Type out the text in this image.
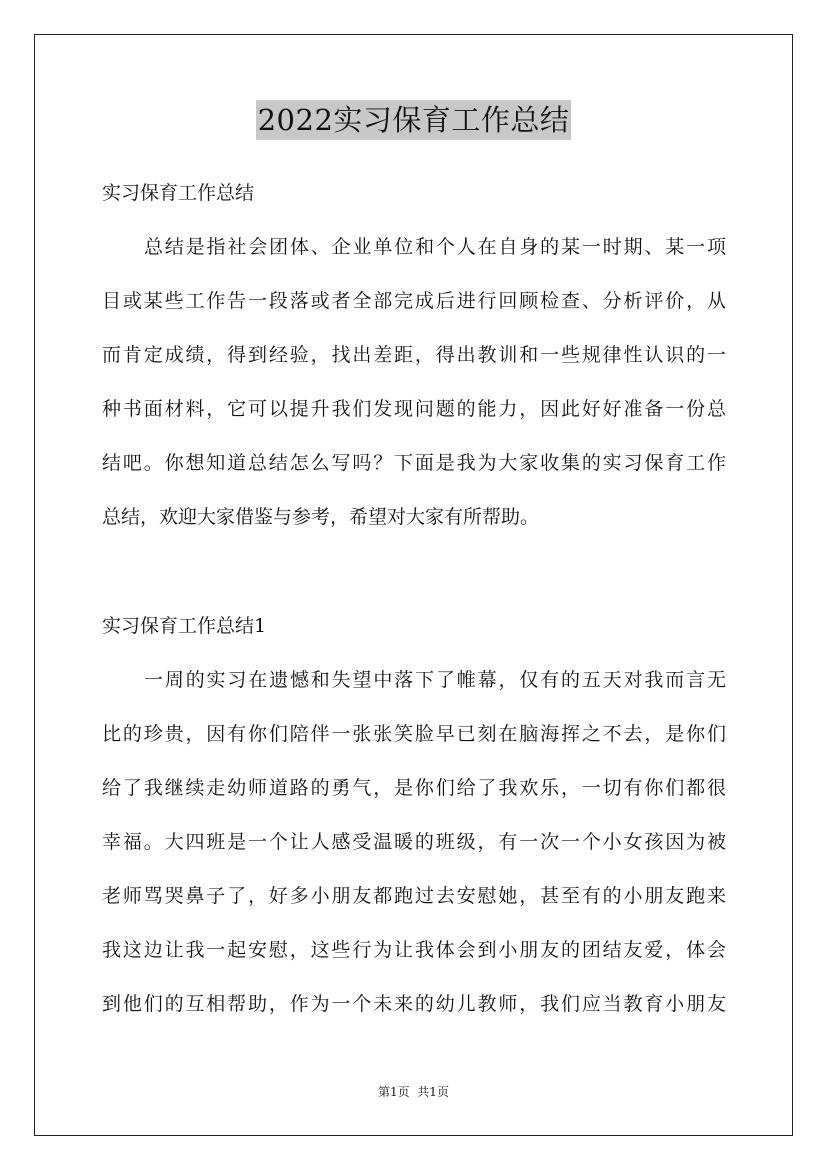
2022实习保育工作总结
实习保育工作总结
总结是指社会团体、企业单位和个人在自身的某一时期、某一项
目或某些工作告一段落或者全部完成后进行回顾检查、分析评价，从
而肯定成绩，得到经验，找出差距，得出教训和一些规律性认识的一
种书面材料，它可以提升我们发现问题的能力，因此好好准备一份总
结吧。你想知道总结怎么写吗？下面是我为大家收集的实习保育工作
总结，欢迎大家借鉴与参考，希望对大家有所帮助。
实习保育工作总结1
一周的实习在遗憾和失望中落下了帷幕，仅有的五天对我而言无
比的珍贵，因有你们陪伴一张张笑脸早已刻在脑海挥之不去，是你们
给了我继续走幼师道路的勇气，是你们给了我欢乐，一切有你们都很
幸福。大四班是一个让人感受温暖的班级，有一次一个小女孩因为被
老师骂哭鼻子了，好多小朋友都跑过去安慰她，甚至有的小朋友跑来
我这边让我一起安慰，这些行为让我体会到小朋友的团结友爱，体会
到他们的互相帮助，作为一个未来的幼儿教师，我们应当教育小朋友
第1页  共1页
